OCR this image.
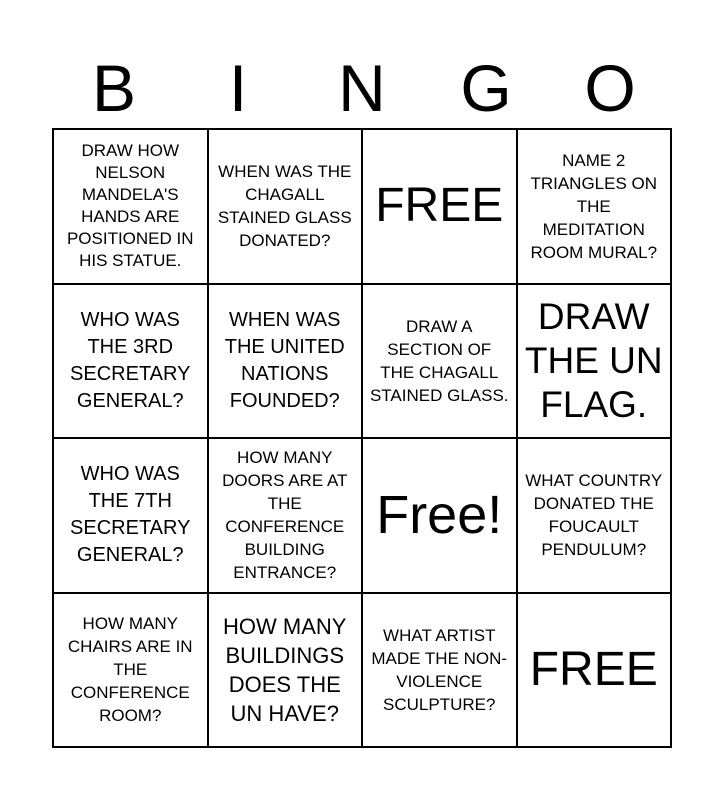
B	I	N	G	O
DRAW HOW NELSON MANDELA'S HANDS ARE POSITIONED IN HIS STATUE.
WHEN WAS THE CHAGALL STAINED GLASS DONATED?
FREE
NAME 2 TRIANGLES ON THE MEDITATION ROOM MURAL?
WHO WAS THE 3RD SECRETARY GENERAL?
WHEN WAS THE UNITED NATIONS FOUNDED?
DRAW A SECTION OF THE CHAGALL STAINED GLASS.
DRAW THE UN FLAG.
WHO WAS THE 7TH SECRETARY GENERAL?
HOW MANY DOORS ARE AT THE CONFERENCE BUILDING ENTRANCE?
Free!
WHAT COUNTRY DONATED THE FOUCAULT PENDULUM?
HOW MANY CHAIRS ARE IN THE CONFERENCE ROOM?
HOW MANY BUILDINGS DOES THE UN HAVE?
WHAT ARTIST MADE THE NON-VIOLENCE SCULPTURE?
FREE
